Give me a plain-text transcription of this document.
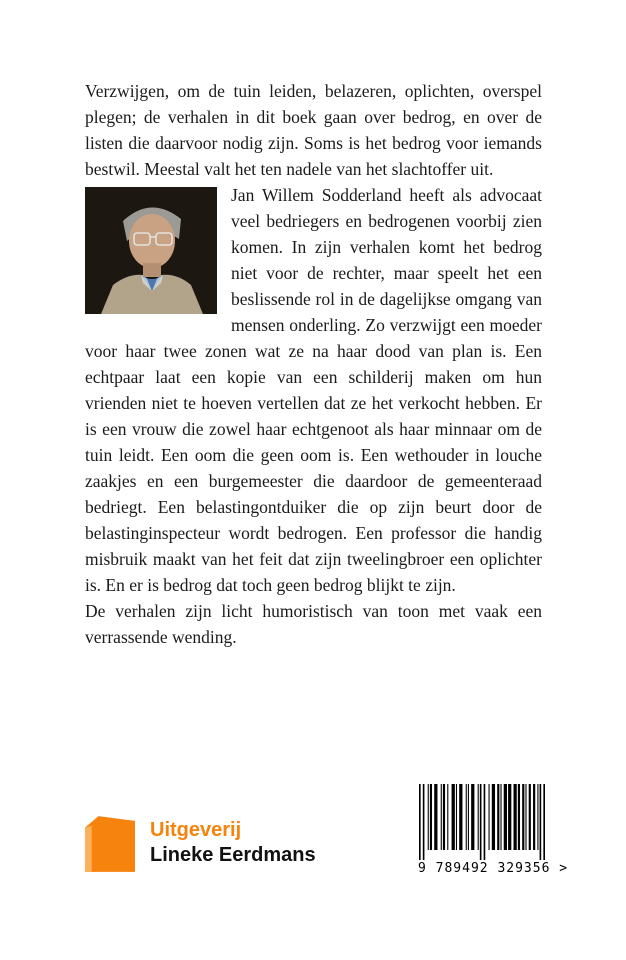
Verzwijgen, om de tuin leiden, belazeren, oplichten, overspel plegen; de verhalen in dit boek gaan over bedrog, en over de listen die daarvoor nodig zijn. Soms is het bedrog voor iemands bestwil. Meestal valt het ten nadele van het slachtoffer uit.

Jan Willem Sodderland heeft als advocaat veel bedriegers en bedrogenen voorbij zien komen. In zijn verhalen komt het bedrog niet voor de rechter, maar speelt het een beslissende rol in de dagelijkse omgang van mensen onderling. Zo verzwijgt een moeder voor haar twee zonen wat ze na haar dood van plan is. Een echtpaar laat een kopie van een schilderij maken om hun vrienden niet te hoeven vertellen dat ze het verkocht hebben. Er is een vrouw die zowel haar echtgenoot als haar minnaar om de tuin leidt. Een oom die geen oom is. Een wethouder in louche zaakjes en een burgemeester die daardoor de gemeenteraad bedriegt. Een belastingontduiker die op zijn beurt door de belastinginspecteur wordt bedrogen. Een professor die handig misbruik maakt van het feit dat zijn tweelingbroer een oplichter is. En er is bedrog dat toch geen bedrog blijkt te zijn.

De verhalen zijn licht humoristisch van toon met vaak een verrassende wending.

Uitgeverij
Lineke Eerdmans
9 789492 329356 >
